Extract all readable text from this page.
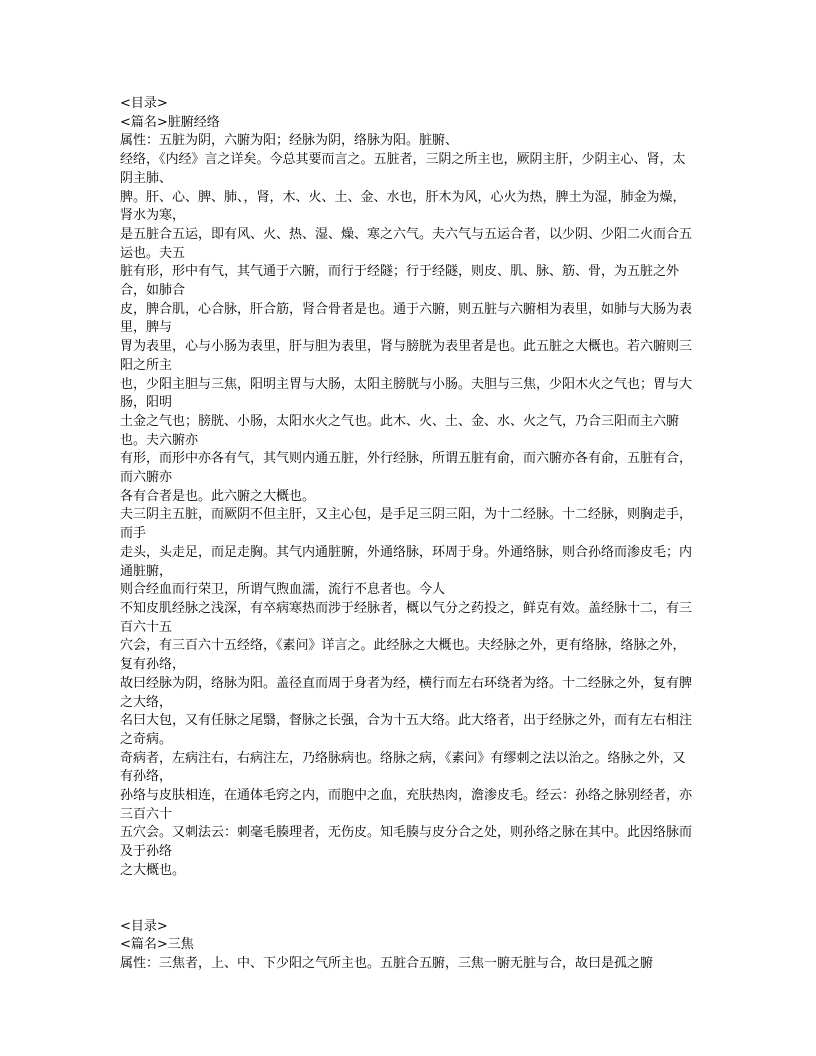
<目录>
<篇名>脏腑经络
属性：五脏为阴，六腑为阳；经脉为阴，络脉为阳。脏腑、
经络，《内经》言之详矣。今总其要而言之。五脏者，三阴之所主也，厥阴主肝，少阴主心、肾，太阴主肺、
脾。肝、心、脾、肺、，肾，木、火、土、金、水也，肝木为风，心火为热，脾土为湿，肺金为燥，肾水为寒，
是五脏合五运，即有风、火、热、湿、燥、寒之六气。夫六气与五运合者，以少阴、少阳二火而合五运也。夫五
脏有形，形中有气，其气通于六腑，而行于经隧；行于经隧，则皮、肌、脉、筋、骨，为五脏之外合，如肺合
皮，脾合肌，心合脉，肝合筋，肾合骨者是也。通于六腑，则五脏与六腑相为表里，如肺与大肠为表里，脾与
胃为表里，心与小肠为表里，肝与胆为表里，肾与膀胱为表里者是也。此五脏之大概也。若六腑则三阳之所主
也，少阳主胆与三焦，阳明主胃与大肠，太阳主膀胱与小肠。夫胆与三焦，少阳木火之气也；胃与大肠，阳明
土金之气也；膀胱、小肠，太阳水火之气也。此木、火、土、金、水、火之气，乃合三阳而主六腑也。夫六腑亦
有形，而形中亦各有气，其气则内通五脏，外行经脉，所谓五脏有俞，而六腑亦各有俞，五脏有合，而六腑亦
各有合者是也。此六腑之大概也。
夫三阴主五脏，而厥阴不但主肝，又主心包，是手足三阴三阳，为十二经脉。十二经脉，则胸走手，而手
走头，头走足，而足走胸。其气内通脏腑，外通络脉，环周于身。外通络脉，则合孙络而渗皮毛；内通脏腑，
则合经血而行荣卫，所谓气煦血濡，流行不息者也。今人
不知皮肌经脉之浅深，有卒病寒热而涉于经脉者，概以气分之药投之，鲜克有效。盖经脉十二，有三百六十五
穴会，有三百六十五经络，《素问》详言之。此经脉之大概也。夫经脉之外，更有络脉，络脉之外，复有孙络，
故曰经脉为阴，络脉为阳。盖径直而周于身者为经，横行而左右环绕者为络。十二经脉之外，复有脾之大络，
名曰大包，又有任脉之尾翳，督脉之长强，合为十五大络。此大络者，出于经脉之外，而有左右相注之奇病。
奇病者，左病注右，右病注左，乃络脉病也。络脉之病，《素问》有缪刺之法以治之。络脉之外，又有孙络，
孙络与皮肤相连，在通体毛窍之内，而胞中之血，充肤热肉，澹渗皮毛。经云：孙络之脉别经者，亦三百六十
五穴会。又刺法云：刺毫毛腠理者，无伤皮。知毛腠与皮分合之处，则孙络之脉在其中。此因络脉而及于孙络
之大概也。
<目录>
<篇名>三焦
属性：三焦者，上、中、下少阳之气所主也。五脏合五腑，三焦一腑无脏与合，故曰是孤之腑
